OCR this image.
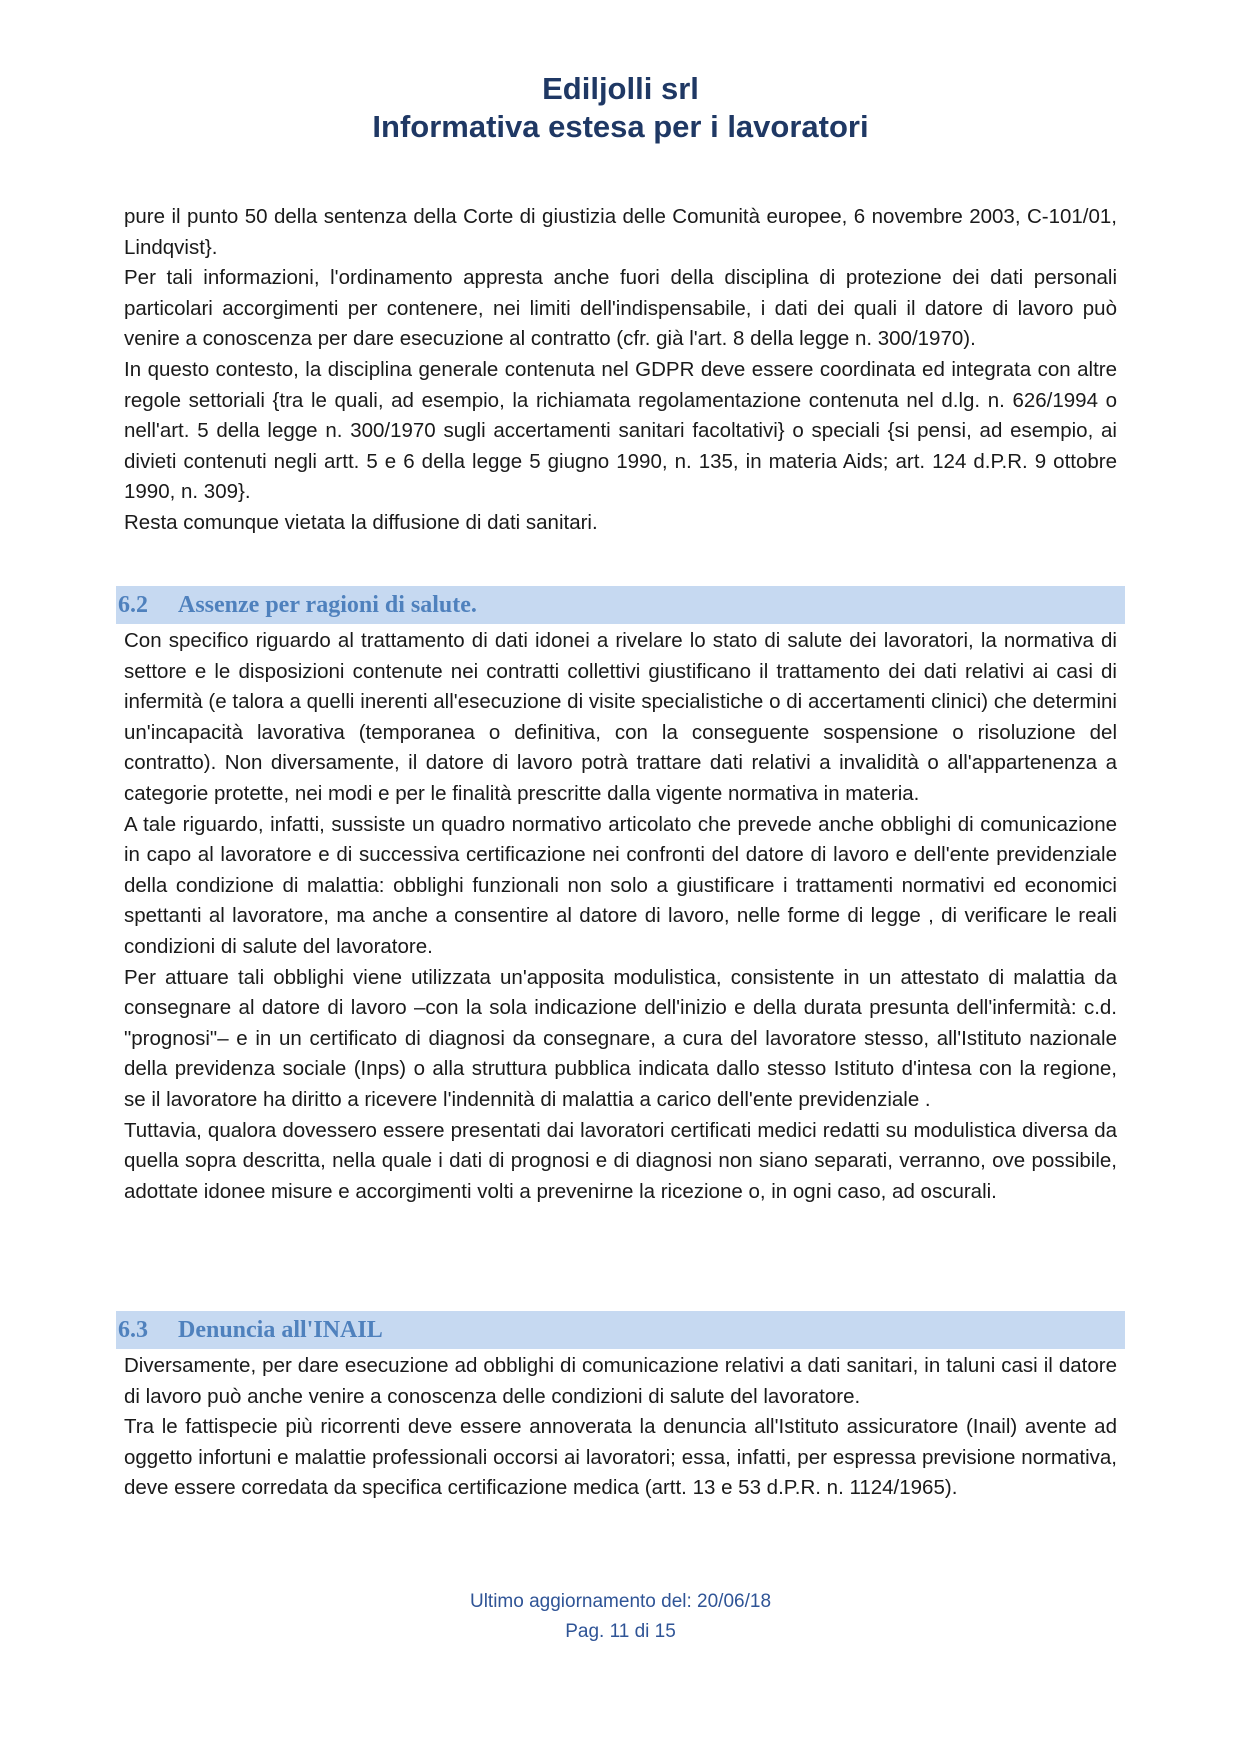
Ediljolli srl
Informativa estesa per i lavoratori

pure il punto 50 della sentenza della Corte di giustizia delle Comunità europee, 6 novembre 2003, C-101/01, Lindqvist}.

Per tali informazioni, l'ordinamento appresta anche fuori della disciplina di protezione dei dati personali particolari accorgimenti per contenere, nei limiti dell'indispensabile, i dati dei quali il datore di lavoro può venire a conoscenza per dare esecuzione al contratto (cfr. già l'art. 8 della legge n. 300/1970).

In questo contesto, la disciplina generale contenuta nel GDPR deve essere coordinata ed integrata con altre regole settoriali {tra le quali, ad esempio, la richiamata regolamentazione contenuta nel d.lg. n. 626/1994 o nell'art. 5 della legge n. 300/1970 sugli accertamenti sanitari facoltativi} o speciali {si pensi, ad esempio, ai divieti contenuti negli artt. 5 e 6 della legge 5 giugno 1990, n. 135, in materia Aids; art. 124 d.P.R. 9 ottobre 1990, n. 309}.

Resta comunque vietata la diffusione di dati sanitari.

6.2 Assenze per ragioni di salute.

Con specifico riguardo al trattamento di dati idonei a rivelare lo stato di salute dei lavoratori, la normativa di settore e le disposizioni contenute nei contratti collettivi giustificano il trattamento dei dati relativi ai casi di infermità (e talora a quelli inerenti all'esecuzione di visite specialistiche o di accertamenti clinici) che determini un'incapacità lavorativa (temporanea o definitiva, con la conseguente sospensione o risoluzione del contratto). Non diversamente, il datore di lavoro potrà trattare dati relativi a invalidità o all'appartenenza a categorie protette, nei modi e per le finalità prescritte dalla vigente normativa in materia.

A tale riguardo, infatti, sussiste un quadro normativo articolato che prevede anche obblighi di comunicazione in capo al lavoratore e di successiva certificazione nei confronti del datore di lavoro e dell'ente previdenziale della condizione di malattia: obblighi funzionali non solo a giustificare i trattamenti normativi ed economici spettanti al lavoratore, ma anche a consentire al datore di lavoro, nelle forme di legge , di verificare le reali condizioni di salute del lavoratore.

Per attuare tali obblighi viene utilizzata un'apposita modulistica, consistente in un attestato di malattia da consegnare al datore di lavoro –con la sola indicazione dell'inizio e della durata presunta dell'infermità: c.d. "prognosi"– e in un certificato di diagnosi da consegnare, a cura del lavoratore stesso, all'Istituto nazionale della previdenza sociale (Inps) o alla struttura pubblica indicata dallo stesso Istituto d'intesa con la regione, se il lavoratore ha diritto a ricevere l'indennità di malattia a carico dell'ente previdenziale .

Tuttavia, qualora dovessero essere presentati dai lavoratori certificati medici redatti su modulistica diversa da quella sopra descritta, nella quale i dati di prognosi e di diagnosi non siano separati, verranno, ove possibile, adottate idonee misure e accorgimenti volti a prevenirne la ricezione o, in ogni caso, ad oscurali.

6.3 Denuncia all'INAIL

Diversamente, per dare esecuzione ad obblighi di comunicazione relativi a dati sanitari, in taluni casi il datore di lavoro può anche venire a conoscenza delle condizioni di salute del lavoratore.

Tra le fattispecie più ricorrenti deve essere annoverata la denuncia all'Istituto assicuratore (Inail) avente ad oggetto infortuni e malattie professionali occorsi ai lavoratori; essa, infatti, per espressa previsione normativa, deve essere corredata da specifica certificazione medica (artt. 13 e 53 d.P.R. n. 1124/1965).

Ultimo aggiornamento del: 20/06/18
Pag. 11 di 15
